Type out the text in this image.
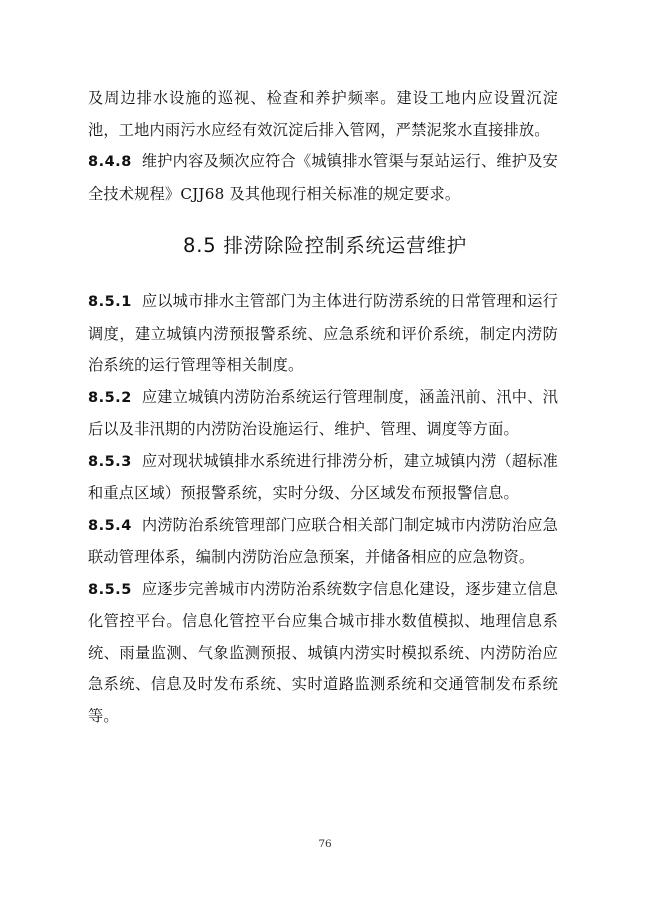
及周边排水设施的巡视、检查和养护频率。建设工地内应设置沉淀池，工地内雨污水应经有效沉淀后排入管网，严禁泥浆水直接排放。

8.4.8 维护内容及频次应符合《城镇排水管渠与泵站运行、维护及安全技术规程》CJJ68 及其他现行相关标准的规定要求。

8.5 排涝除险控制系统运营维护

8.5.1 应以城市排水主管部门为主体进行防涝系统的日常管理和运行调度，建立城镇内涝预报警系统、应急系统和评价系统，制定内涝防治系统的运行管理等相关制度。

8.5.2 应建立城镇内涝防治系统运行管理制度，涵盖汛前、汛中、汛后以及非汛期的内涝防治设施运行、维护、管理、调度等方面。

8.5.3 应对现状城镇排水系统进行排涝分析，建立城镇内涝（超标准和重点区域）预报警系统，实时分级、分区域发布预报警信息。

8.5.4 内涝防治系统管理部门应联合相关部门制定城市内涝防治应急联动管理体系，编制内涝防治应急预案，并储备相应的应急物资。

8.5.5 应逐步完善城市内涝防治系统数字信息化建设，逐步建立信息化管控平台。信息化管控平台应集合城市排水数值模拟、地理信息系统、雨量监测、气象监测预报、城镇内涝实时模拟系统、内涝防治应急系统、信息及时发布系统、实时道路监测系统和交通管制发布系统等。

76
